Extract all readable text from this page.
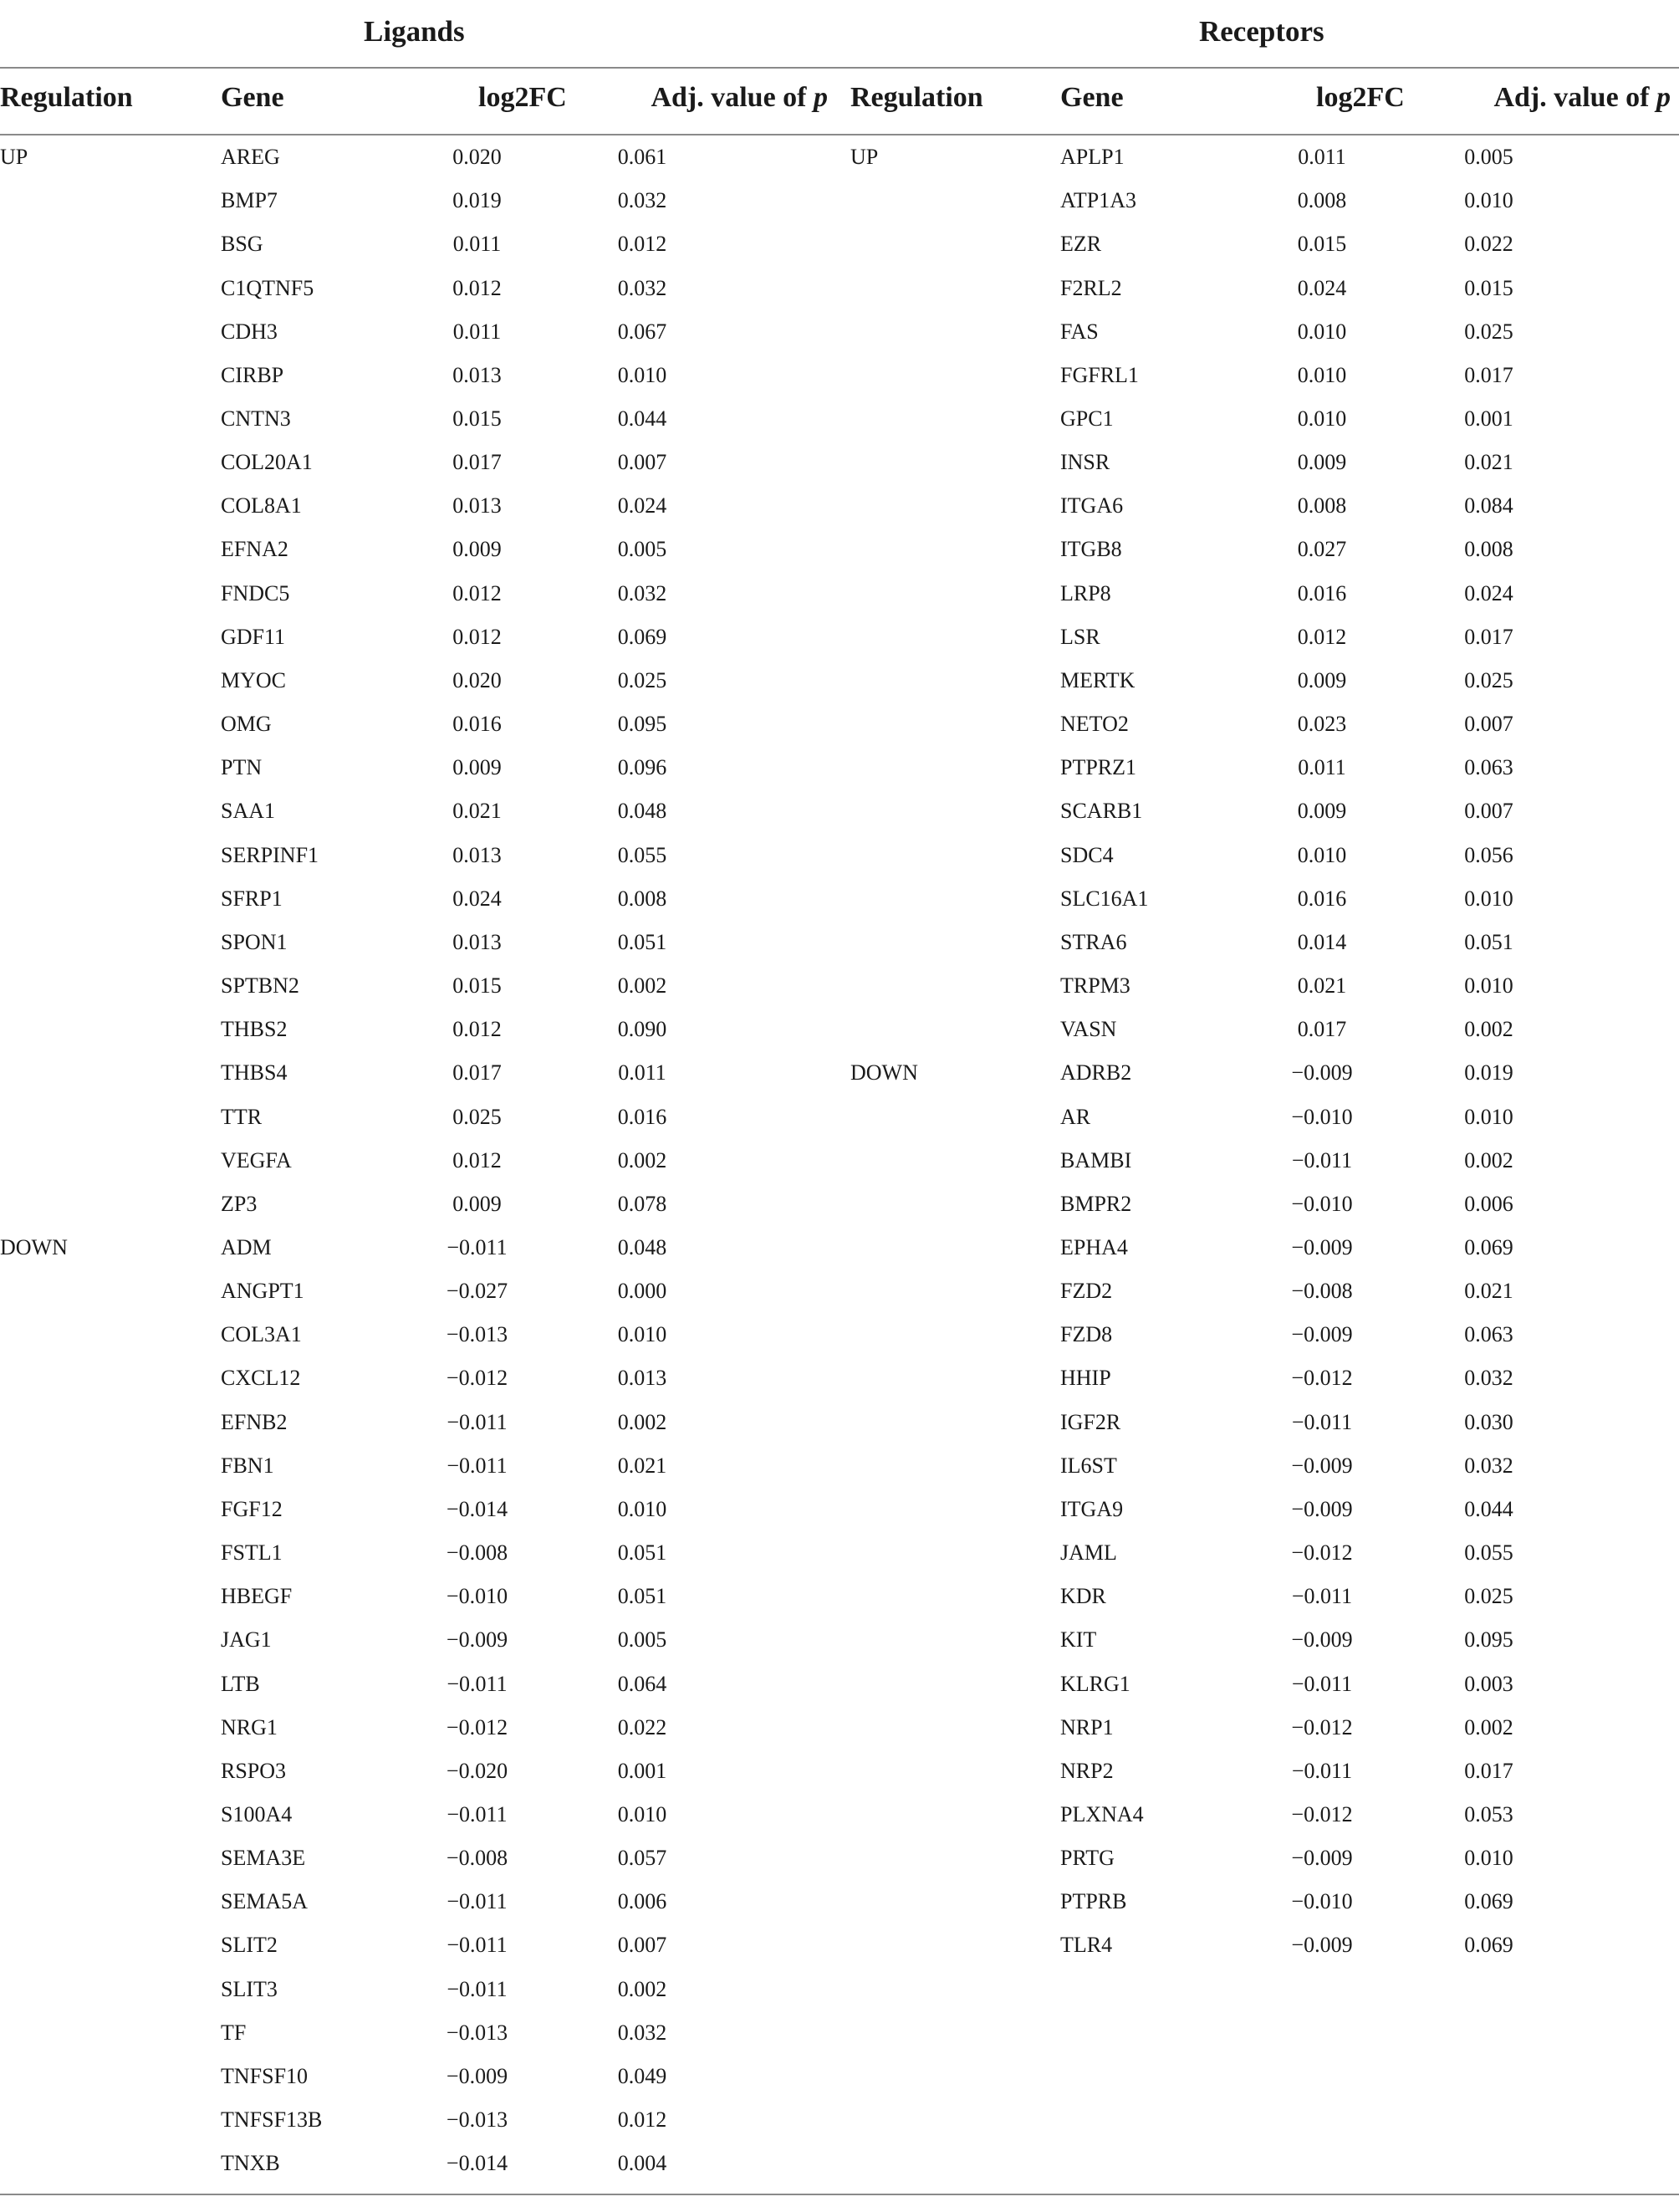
Ligands	Receptors
Regulation	Gene	log2FC	Adj. value of p Regulation	Gene	log2FC	Adj. value of p
UP	AREG	0.020	0.061		UP	APLP1	0.011	0.005
	BMP7	0.019	0.032			ATP1A3	0.008	0.010
	BSG	0.011	0.012			EZR	0.015	0.022
	C1QTNF5	0.012	0.032			F2RL2	0.024	0.015
	CDH3	0.011	0.067			FAS	0.010	0.025
	CIRBP	0.013	0.010			FGFRL1	0.010	0.017
	CNTN3	0.015	0.044			GPC1	0.010	0.001
	COL20A1	0.017	0.007			INSR	0.009	0.021
	COL8A1	0.013	0.024			ITGA6	0.008	0.084
	EFNA2	0.009	0.005			ITGB8	0.027	0.008
	FNDC5	0.012	0.032			LRP8	0.016	0.024
	GDF11	0.012	0.069			LSR	0.012	0.017
	MYOC	0.020	0.025			MERTK	0.009	0.025
	OMG	0.016	0.095			NETO2	0.023	0.007
	PTN	0.009	0.096			PTPRZ1	0.011	0.063
	SAA1	0.021	0.048			SCARB1	0.009	0.007
	SERPINF1	0.013	0.055			SDC4	0.010	0.056
	SFRP1	0.024	0.008			SLC16A1	0.016	0.010
	SPON1	0.013	0.051			STRA6	0.014	0.051
	SPTBN2	0.015	0.002			TRPM3	0.021	0.010
	THBS2	0.012	0.090			VASN	0.017	0.002
	THBS4	0.017	0.011		DOWN	ADRB2	−0.009	0.019
	TTR	0.025	0.016			AR	−0.010	0.010
	VEGFA	0.012	0.002			BAMBI	−0.011	0.002
	ZP3	0.009	0.078			BMPR2	−0.010	0.006
DOWN	ADM	−0.011	0.048			EPHA4	−0.009	0.069
	ANGPT1	−0.027	0.000			FZD2	−0.008	0.021
	COL3A1	−0.013	0.010			FZD8	−0.009	0.063
	CXCL12	−0.012	0.013			HHIP	−0.012	0.032
	EFNB2	−0.011	0.002			IGF2R	−0.011	0.030
	FBN1	−0.011	0.021			IL6ST	−0.009	0.032
	FGF12	−0.014	0.010			ITGA9	−0.009	0.044
	FSTL1	−0.008	0.051			JAML	−0.012	0.055
	HBEGF	−0.010	0.051			KDR	−0.011	0.025
	JAG1	−0.009	0.005			KIT	−0.009	0.095
	LTB	−0.011	0.064			KLRG1	−0.011	0.003
	NRG1	−0.012	0.022			NRP1	−0.012	0.002
	RSPO3	−0.020	0.001			NRP2	−0.011	0.017
	S100A4	−0.011	0.010			PLXNA4	−0.012	0.053
	SEMA3E	−0.008	0.057			PRTG	−0.009	0.010
	SEMA5A	−0.011	0.006			PTPRB	−0.010	0.069
	SLIT2	−0.011	0.007			TLR4	−0.009	0.069
	SLIT3	−0.011	0.002					
	TF	−0.013	0.032					
	TNFSF10	−0.009	0.049					
	TNFSF13B	−0.013	0.012					
	TNXB	−0.014	0.004					
